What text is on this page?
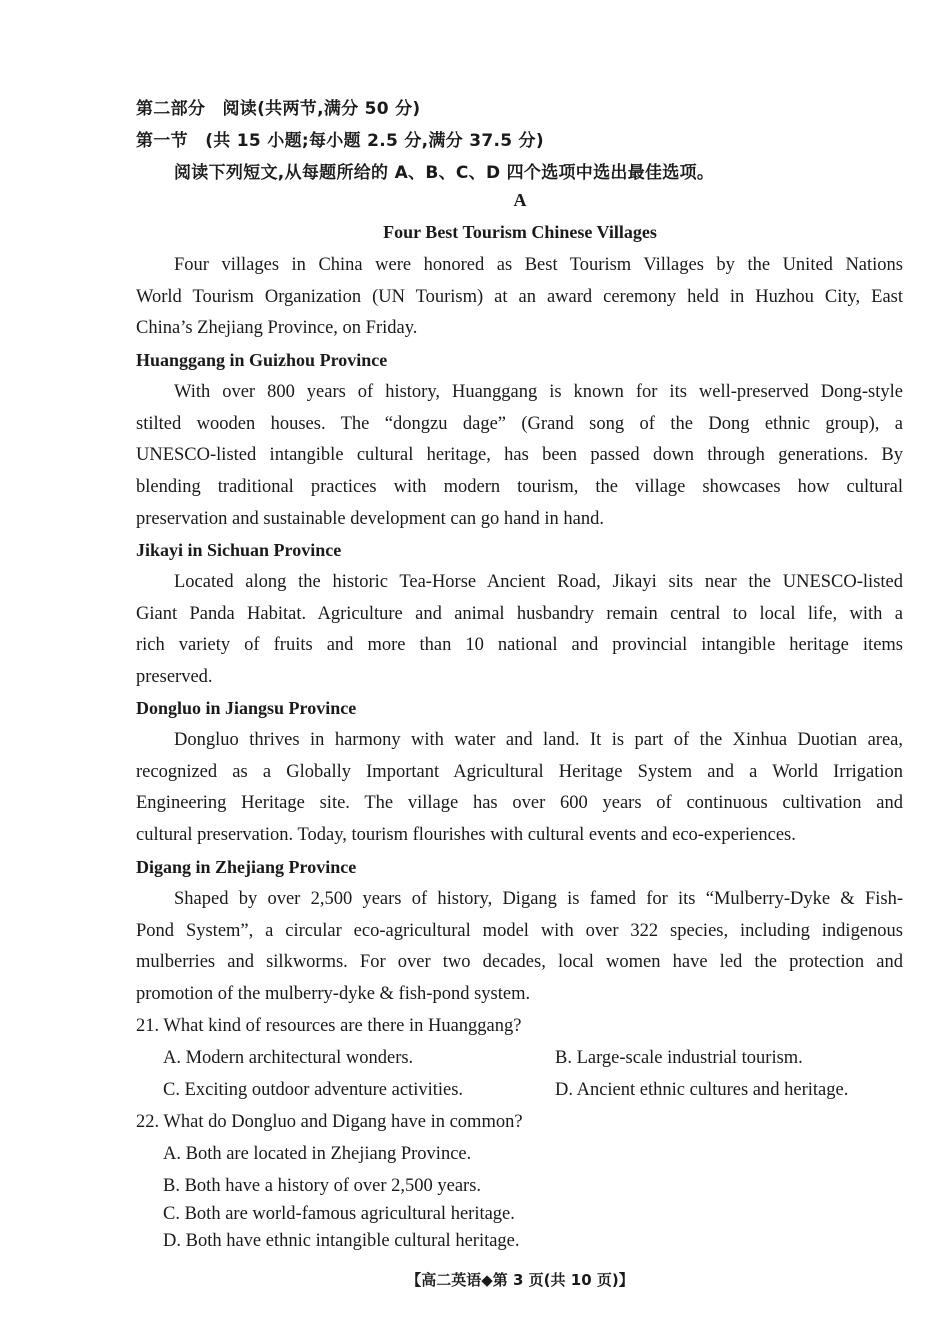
第二部分　阅读(共两节,满分 50 分)
第一节　(共 15 小题;每小题 2.5 分,满分 37.5 分)
阅读下列短文,从每题所给的 A、B、C、D 四个选项中选出最佳选项。
A
Four Best Tourism Chinese Villages
Four villages in China were honored as Best Tourism Villages by the United Nations
World Tourism Organization (UN Tourism) at an award ceremony held in Huzhou City, East
China’s Zhejiang Province, on Friday.
Huanggang in Guizhou Province
With over 800 years of history, Huanggang is known for its well-preserved Dong-style
stilted wooden houses. The “dongzu dage” (Grand song of the Dong ethnic group), a
UNESCO-listed intangible cultural heritage, has been passed down through generations. By
blending traditional practices with modern tourism, the village showcases how cultural
preservation and sustainable development can go hand in hand.
Jikayi in Sichuan Province
Located along the historic Tea-Horse Ancient Road, Jikayi sits near the UNESCO-listed
Giant Panda Habitat. Agriculture and animal husbandry remain central to local life, with a
rich variety of fruits and more than 10 national and provincial intangible heritage items
preserved.
Dongluo in Jiangsu Province
Dongluo thrives in harmony with water and land. It is part of the Xinhua Duotian area,
recognized as a Globally Important Agricultural Heritage System and a World Irrigation
Engineering Heritage site. The village has over 600 years of continuous cultivation and
cultural preservation. Today, tourism flourishes with cultural events and eco-experiences.
Digang in Zhejiang Province
Shaped by over 2,500 years of history, Digang is famed for its “Mulberry-Dyke & Fish-
Pond System”, a circular eco-agricultural model with over 322 species, including indigenous
mulberries and silkworms. For over two decades, local women have led the protection and
promotion of the mulberry-dyke & fish-pond system.
21. What kind of resources are there in Huanggang?
A. Modern architectural wonders.	B. Large-scale industrial tourism.
C. Exciting outdoor adventure activities.	D. Ancient ethnic cultures and heritage.
22. What do Dongluo and Digang have in common?
A. Both are located in Zhejiang Province.
B. Both have a history of over 2,500 years.
C. Both are world-famous agricultural heritage.
D. Both have ethnic intangible cultural heritage.
【高二英语◆第 3 页(共 10 页)】
